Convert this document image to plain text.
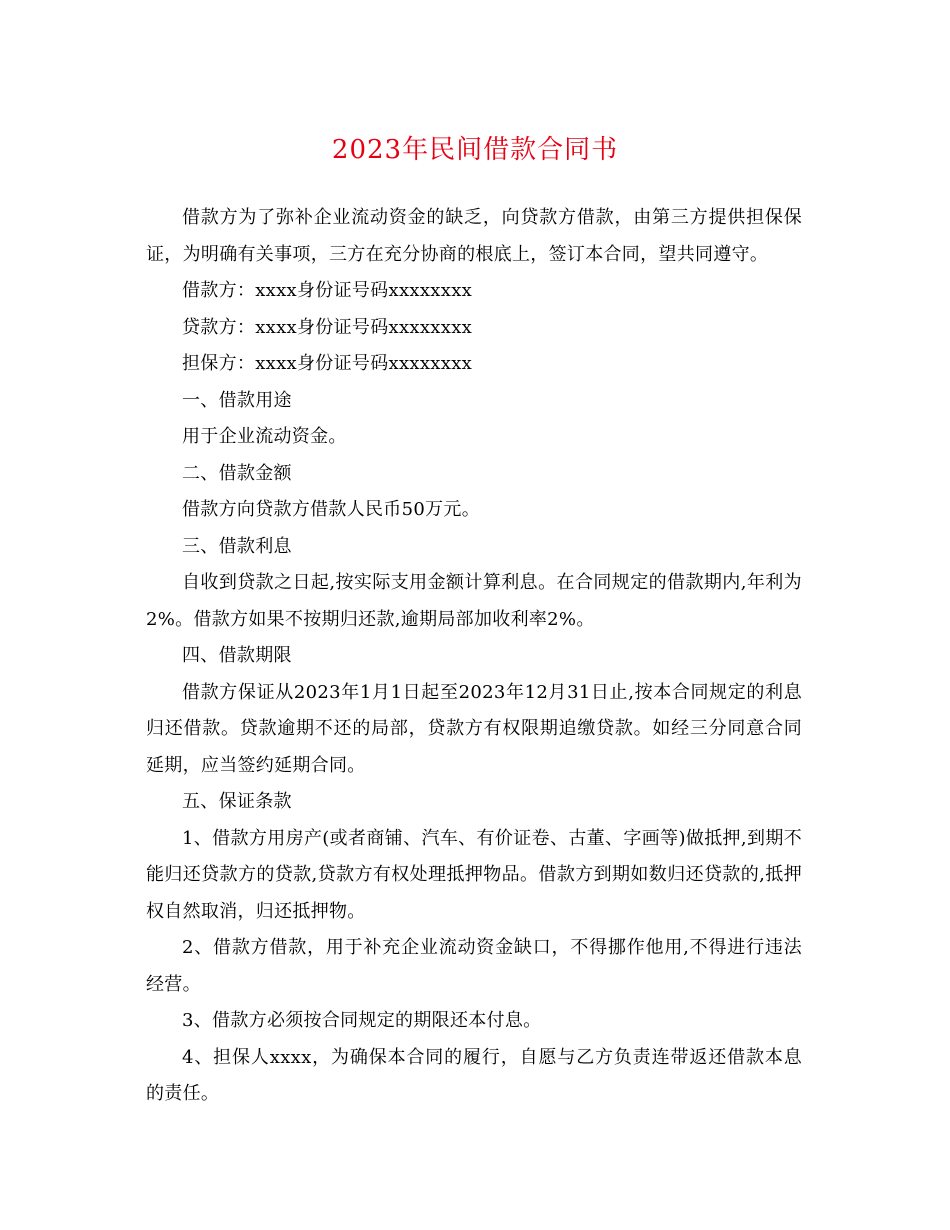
2023年民间借款合同书

借款方为了弥补企业流动资金的缺乏，向贷款方借款，由第三方提供担保保证，为明确有关事项，三方在充分协商的根底上，签订本合同，望共同遵守。

借款方：xxxx身份证号码xxxxxxxx

贷款方：xxxx身份证号码xxxxxxxx

担保方：xxxx身份证号码xxxxxxxx

一、借款用途

用于企业流动资金。

二、借款金额

借款方向贷款方借款人民币50万元。

三、借款利息

自收到贷款之日起,按实际支用金额计算利息。在合同规定的借款期内,年利为2%。借款方如果不按期归还款,逾期局部加收利率2%。

四、借款期限

借款方保证从2023年1月1日起至2023年12月31日止,按本合同规定的利息归还借款。贷款逾期不还的局部，贷款方有权限期追缴贷款。如经三分同意合同延期，应当签约延期合同。

五、保证条款

1、借款方用房产(或者商铺、汽车、有价证卷、古董、字画等)做抵押,到期不能归还贷款方的贷款,贷款方有权处理抵押物品。借款方到期如数归还贷款的,抵押权自然取消，归还抵押物。

2、借款方借款，用于补充企业流动资金缺口，不得挪作他用,不得进行违法经营。

3、借款方必须按合同规定的期限还本付息。

4、担保人xxxx，为确保本合同的履行，自愿与乙方负责连带返还借款本息的责任。
